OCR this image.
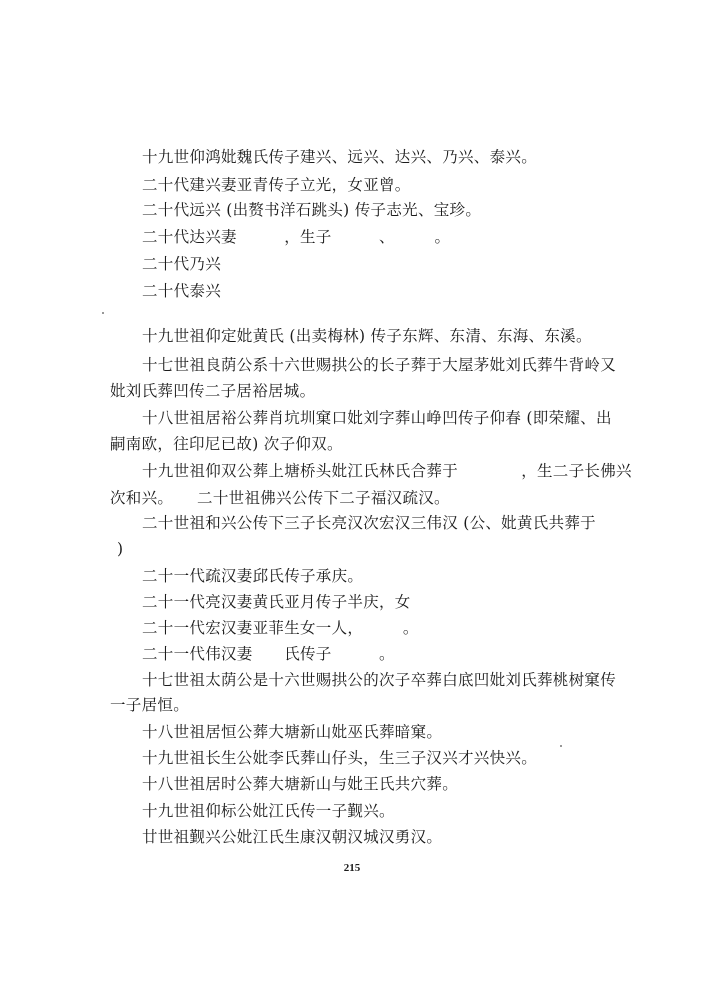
十九世仰鸿妣魏氏传子建兴、远兴、达兴、乃兴、泰兴。
二十代建兴妻亚青传子立光，女亚曾。
二十代远兴 (出赘书洋石跳头) 传子志光、宝珍。
二十代达兴妻　　　，生子　　　、　　　。
二十代乃兴
二十代泰兴
十九世祖仰定妣黄氏 (出卖梅林) 传子东辉、东清、东海、东溪。
十七世祖良荫公系十六世赐拱公的长子葬于大屋茅妣刘氏葬牛背岭又
妣刘氏葬凹传二子居裕居城。
十八世祖居裕公葬肖坑圳窠口妣刘字葬山峥凹传子仰春 (即荣耀、出
嗣南欧，往印尼已故) 次子仰双。
十九世祖仰双公葬上塘桥头妣江氏林氏合葬于　　　　，生二子长佛兴
次和兴。　　二十世祖佛兴公传下二子福汉疏汉。
二十世祖和兴公传下三子长亮汉次宏汉三伟汉 (公、妣黄氏共葬于
)
二十一代疏汉妻邱氏传子承庆。
二十一代亮汉妻黄氏亚月传子半庆，女
二十一代宏汉妻亚菲生女一人，　　　。
二十一代伟汉妻　　氏传子　　　。
十七世祖太荫公是十六世赐拱公的次子卒葬白底凹妣刘氏葬桃树窠传
一子居恒。
十八世祖居恒公葬大塘新山妣巫氏葬暗窠。
十九世祖长生公妣李氏葬山仔头，生三子汉兴才兴快兴。
十八世祖居时公葬大塘新山与妣王氏共穴葬。
十九世祖仰标公妣江氏传一子觐兴。
廿世祖觐兴公妣江氏生康汉朝汉城汉勇汉。
215
